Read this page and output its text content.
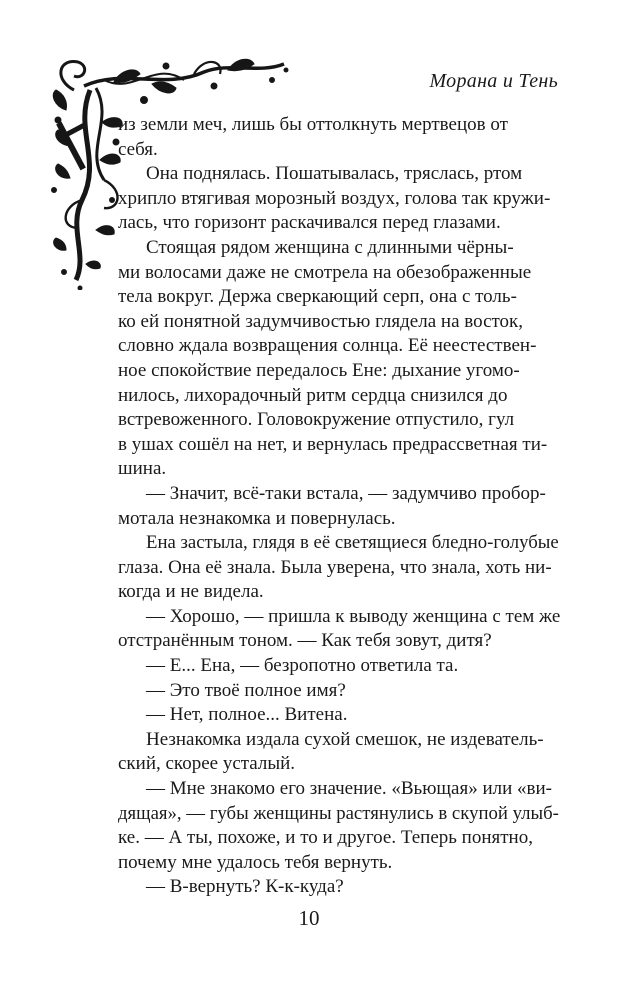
Морана и Тень

из земли меч, лишь бы оттолкнуть мертвецов от

себя.

Она поднялась. Пошатывалась, тряслась, ртом

хрипло втягивая морозный воздух, голова так кружи-

лась, что горизонт раскачивался перед глазами.

Стоящая рядом женщина с длинными чёрны-

ми волосами даже не смотрела на обезображенные

тела вокруг. Держа сверкающий серп, она с толь-

ко ей понятной задумчивостью глядела на восток,

словно ждала возвращения солнца. Её неестествен-

ное спокойствие передалось Ене: дыхание угомо-

нилось, лихорадочный ритм сердца снизился до

встревоженного. Головокружение отпустило, гул

в ушах сошёл на нет, и вернулась предрассветная ти-

шина.

— Значит, всё-таки встала, — задумчиво пробор-

мотала незнакомка и повернулась.

Ена застыла, глядя в её светящиеся бледно-голубые

глаза. Она её знала. Была уверена, что знала, хоть ни-

когда и не видела.

— Хорошо, — пришла к выводу женщина с тем же

отстранённым тоном. — Как тебя зовут, дитя?

— Е... Ена, — безропотно ответила та.

— Это твоё полное имя?

— Нет, полное... Витена.

Незнакомка издала сухой смешок, не издеватель-

ский, скорее усталый.

— Мне знакомо его значение. «Вьющая» или «ви-

дящая», — губы женщины растянулись в скупой улыб-

ке. — А ты, похоже, и то и другое. Теперь понятно,

почему мне удалось тебя вернуть.

— В-вернуть? К-к-куда?

10
